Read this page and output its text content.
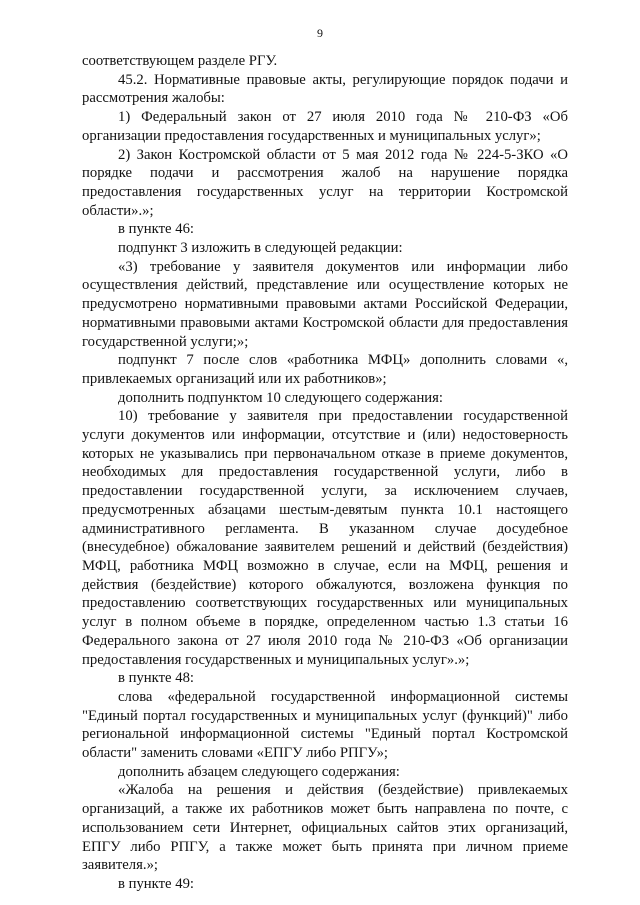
9

соответствующем разделе РГУ.

45.2. Нормативные правовые акты, регулирующие порядок подачи и рассмотрения жалобы:

1) Федеральный закон от 27 июля 2010 года № 210-ФЗ «Об организации предоставления государственных и муниципальных услуг»;

2) Закон Костромской области от 5 мая 2012 года № 224-5-ЗКО «О порядке подачи и рассмотрения жалоб на нарушение порядка предоставления государственных услуг на территории Костромской области».»;

в пункте 46:

подпункт 3 изложить в следующей редакции:

«3) требование у заявителя документов или информации либо осуществления действий, представление или осуществление которых не предусмотрено нормативными правовыми актами Российской Федерации, нормативными правовыми актами Костромской области для предоставления государственной услуги;»;

подпункт 7 после слов «работника МФЦ» дополнить словами «, привлекаемых организаций или их работников»;

дополнить подпунктом 10 следующего содержания:

10) требование у заявителя при предоставлении государственной услуги документов или информации, отсутствие и (или) недостоверность которых не указывались при первоначальном отказе в приеме документов, необходимых для предоставления государственной услуги, либо в предоставлении государственной услуги, за исключением случаев, предусмотренных абзацами шестым-девятым пункта 10.1 настоящего административного регламента. В указанном случае досудебное (внесудебное) обжалование заявителем решений и действий (бездействия) МФЦ, работника МФЦ возможно в случае, если на МФЦ, решения и действия (бездействие) которого обжалуются, возложена функция по предоставлению соответствующих государственных или муниципальных услуг в полном объеме в порядке, определенном частью 1.3 статьи 16 Федерального закона от 27 июля 2010 года № 210-ФЗ «Об организации предоставления государственных и муниципальных услуг».»;

в пункте 48:

слова «федеральной государственной информационной системы "Единый портал государственных и муниципальных услуг (функций)" либо региональной информационной системы "Единый портал Костромской области" заменить словами «ЕПГУ либо РПГУ»;

дополнить абзацем следующего содержания:

«Жалоба на решения и действия (бездействие) привлекаемых организаций, а также их работников может быть направлена по почте, с использованием сети Интернет, официальных сайтов этих организаций, ЕПГУ либо РПГУ, а также может быть принята при личном приеме заявителя.»;

в пункте 49:
